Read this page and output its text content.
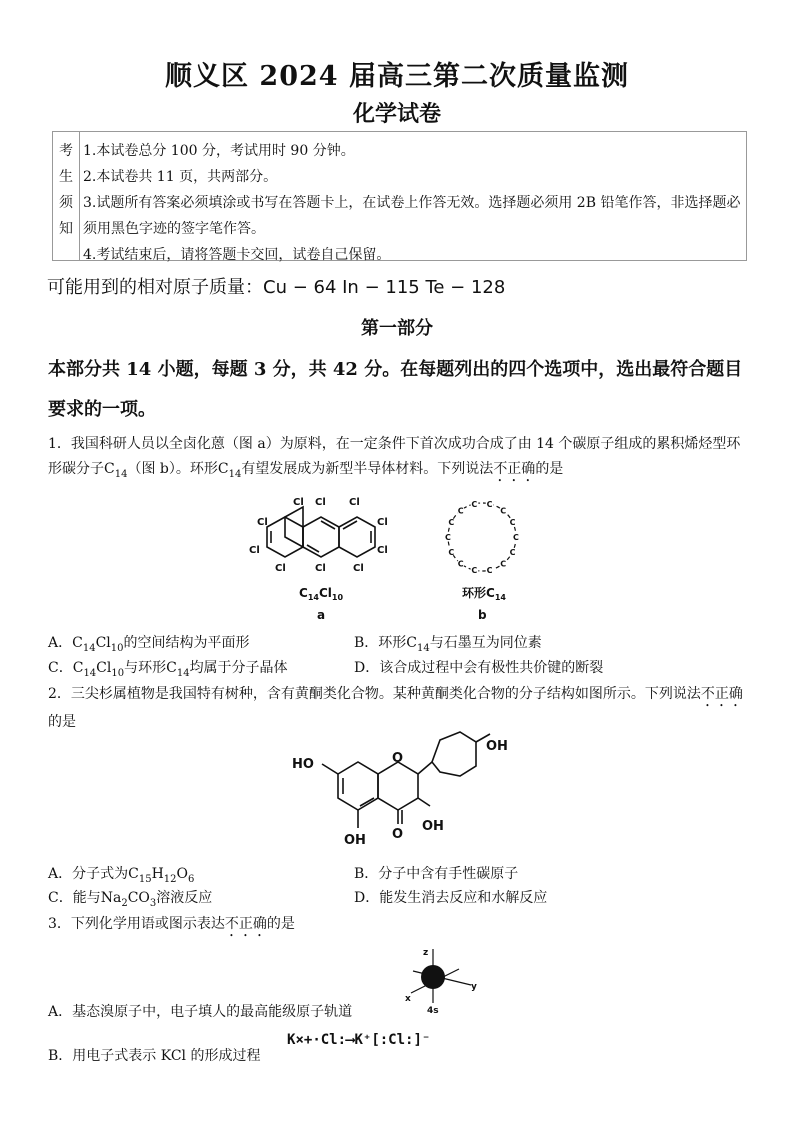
顺义区 2024 届高三第二次质量监测
化学试卷
考
生
须
知
1.本试卷总分 100 分，考试用时 90 分钟。
2.本试卷共 11 页，共两部分。
3.试题所有答案必须填涂或书写在答题卡上，在试卷上作答无效。选择题必须用 2B 铅笔作答，非选择题必须用黑色字迹的签字笔作答。
4.考试结束后，请将答题卡交回，试卷自己保留。
可能用到的相对原子质量：Cu − 64 In − 115 Te − 128
第一部分
本部分共 14 小题，每题 3 分，共 42 分。在每题列出的四个选项中，选出最符合题目要求的一项。
1．我国科研人员以全卤化蒽（图 a）为原料，在一定条件下首次成功合成了由 14 个碳原子组成的累积烯烃型环形碳分子$C_{14}$（图 b）。环形$C_{14}$有望发展成为新型半导体材料。下列说法不正确的是
Cl
Cl Cl Cl
Cl
Cl	Cl
Cl	Cl	Cl
$C_{14}Cl_{10}$
a
C
C
C
C
C
C
C
C
C
C
C C
C
C
环形$C_{14}$
b
A．$C_{14}Cl_{10}$的空间结构为平面形	B．环形$C_{14}$与石墨互为同位素
C．$C_{14}Cl_{10}$与环形$C_{14}$均属于分子晶体	D．该合成过程中会有极性共价键的断裂
2．三尖杉属植物是我国特有树种，含有黄酮类化合物。某种黄酮类化合物的分子结构如图所示。下列说法不正确的是
HO	O
O
OH
OH
OH
A．分子式为$C_{15}H_{12}O_6$	B．分子中含有手性碳原子
C．能与$Na_2CO_3$溶液反应	D．能发生消去反应和水解反应
3．下列化学用语或图示表达不正确的是
z
x
y
4s
A．基态溴原子中，电子填人的最高能级原子轨道
B．用电子式表示 KCl 的形成过程
K×+·Cl:⟶K⁺[:Cl:]⁻
